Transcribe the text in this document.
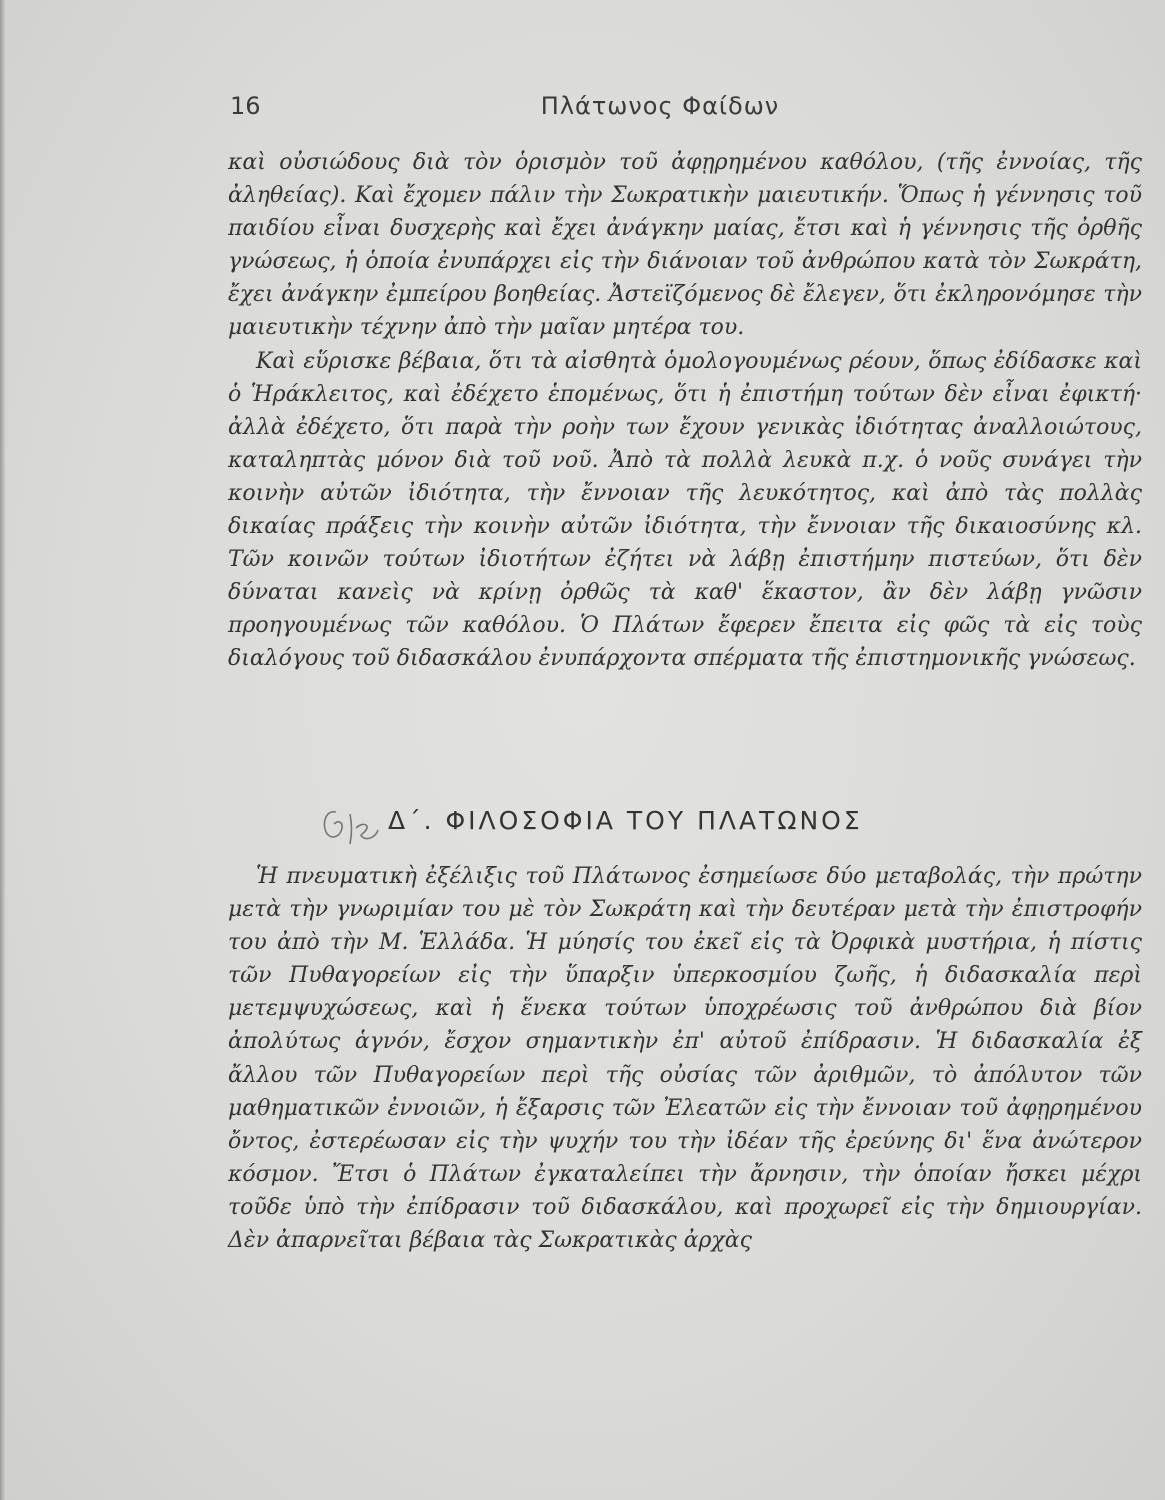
16	Πλάτωνος Φαίδων

καὶ οὐσιώδους διὰ τὸν ὁρισμὸν τοῦ ἀφῃρημένου καθόλου, (τῆς ἐννοίας, τῆς ἀληθείας). Καὶ ἔχομεν πάλιν τὴν Σωκρατικὴν μαιευτικήν. Ὅπως ἡ γέννησις τοῦ παιδίου εἶναι δυσχερὴς καὶ ἔχει ἀνάγκην μαίας, ἔτσι καὶ ἡ γέννησις τῆς ὀρθῆς γνώσεως, ἡ ὁποία ἐνυπάρχει εἰς τὴν διάνοιαν τοῦ ἀνθρώπου κατὰ τὸν Σωκράτη, ἔχει ἀνάγκην ἐμπείρου βοηθείας. Ἀστεϊζόμενος δὲ ἔλεγεν, ὅτι ἐκληρονόμησε τὴν μαιευτικὴν τέχνην ἀπὸ τὴν μαῖαν μητέρα του.

Καὶ εὕρισκε βέβαια, ὅτι τὰ αἰσθητὰ ὁμολογουμένως ρέουν, ὅπως ἐδίδασκε καὶ ὁ Ἡράκλειτος, καὶ ἐδέχετο ἑπομένως, ὅτι ἡ ἐπιστήμη τούτων δὲν εἶναι ἐφικτή· ἀλλὰ ἐδέχετο, ὅτι παρὰ τὴν ροὴν των ἔχουν γενικὰς ἰδιότητας ἀναλλοιώτους, καταληπτὰς μόνον διὰ τοῦ νοῦ. Ἀπὸ τὰ πολλὰ λευκὰ π.χ. ὁ νοῦς συνάγει τὴν κοινὴν αὐτῶν ἰδιότητα, τὴν ἔννοιαν τῆς λευκότητος, καὶ ἀπὸ τὰς πολλὰς δικαίας πράξεις τὴν κοινὴν αὐτῶν ἰδιότητα, τὴν ἔννοιαν τῆς δικαιοσύνης κλ. Τῶν κοινῶν τούτων ἰδιοτήτων ἐζήτει νὰ λάβῃ ἐπιστήμην πιστεύων, ὅτι δὲν δύναται κανεὶς νὰ κρίνῃ ὀρθῶς τὰ καθ' ἕκαστον, ἂν δὲν λάβῃ γνῶσιν προηγουμένως τῶν καθόλου. Ὁ Πλάτων ἔφερεν ἔπειτα εἰς φῶς τὰ εἰς τοὺς διαλόγους τοῦ διδασκάλου ἐνυπάρχοντα σπέρματα τῆς ἐπιστημονικῆς γνώσεως.

Δ΄. ΦΙΛΟΣΟΦΙΑ ΤΟΥ ΠΛΑΤΩΝΟΣ

Ἡ πνευματικὴ ἐξέλιξις τοῦ Πλάτωνος ἐσημείωσε δύο μεταβολάς, τὴν πρώτην μετὰ τὴν γνωριμίαν του μὲ τὸν Σωκράτη καὶ τὴν δευτέραν μετὰ τὴν ἐπιστροφήν του ἀπὸ τὴν Μ. Ἑλλάδα. Ἡ μύησίς του ἐκεῖ εἰς τὰ Ὀρφικὰ μυστήρια, ἡ πίστις τῶν Πυθαγορείων εἰς τὴν ὕπαρξιν ὑπερκοσμίου ζωῆς, ἡ διδασκαλία περὶ μετεμψυχώσεως, καὶ ἡ ἕνεκα τούτων ὑποχρέωσις τοῦ ἀνθρώπου διὰ βίον ἀπολύτως ἁγνόν, ἔσχον σημαντικὴν ἐπ' αὐτοῦ ἐπίδρασιν. Ἡ διδασκαλία ἐξ ἄλλου τῶν Πυθαγορείων περὶ τῆς οὐσίας τῶν ἀριθμῶν, τὸ ἀπόλυτον τῶν μαθηματικῶν ἐννοιῶν, ἡ ἔξαρσις τῶν Ἐλεατῶν εἰς τὴν ἔννοιαν τοῦ ἀφῃρημένου ὄντος, ἐστερέωσαν εἰς τὴν ψυχήν του τὴν ἰδέαν τῆς ἐρεύνης δι' ἕνα ἀνώτερον κόσμον. Ἔτσι ὁ Πλάτων ἐγκαταλείπει τὴν ἄρνησιν, τὴν ὁποίαν ἤσκει μέχρι τοῦδε ὑπὸ τὴν ἐπίδρασιν τοῦ διδασκάλου, καὶ προχωρεῖ εἰς τὴν δημιουργίαν. Δὲν ἀπαρνεῖται βέβαια τὰς Σωκρατικὰς ἀρχὰς
